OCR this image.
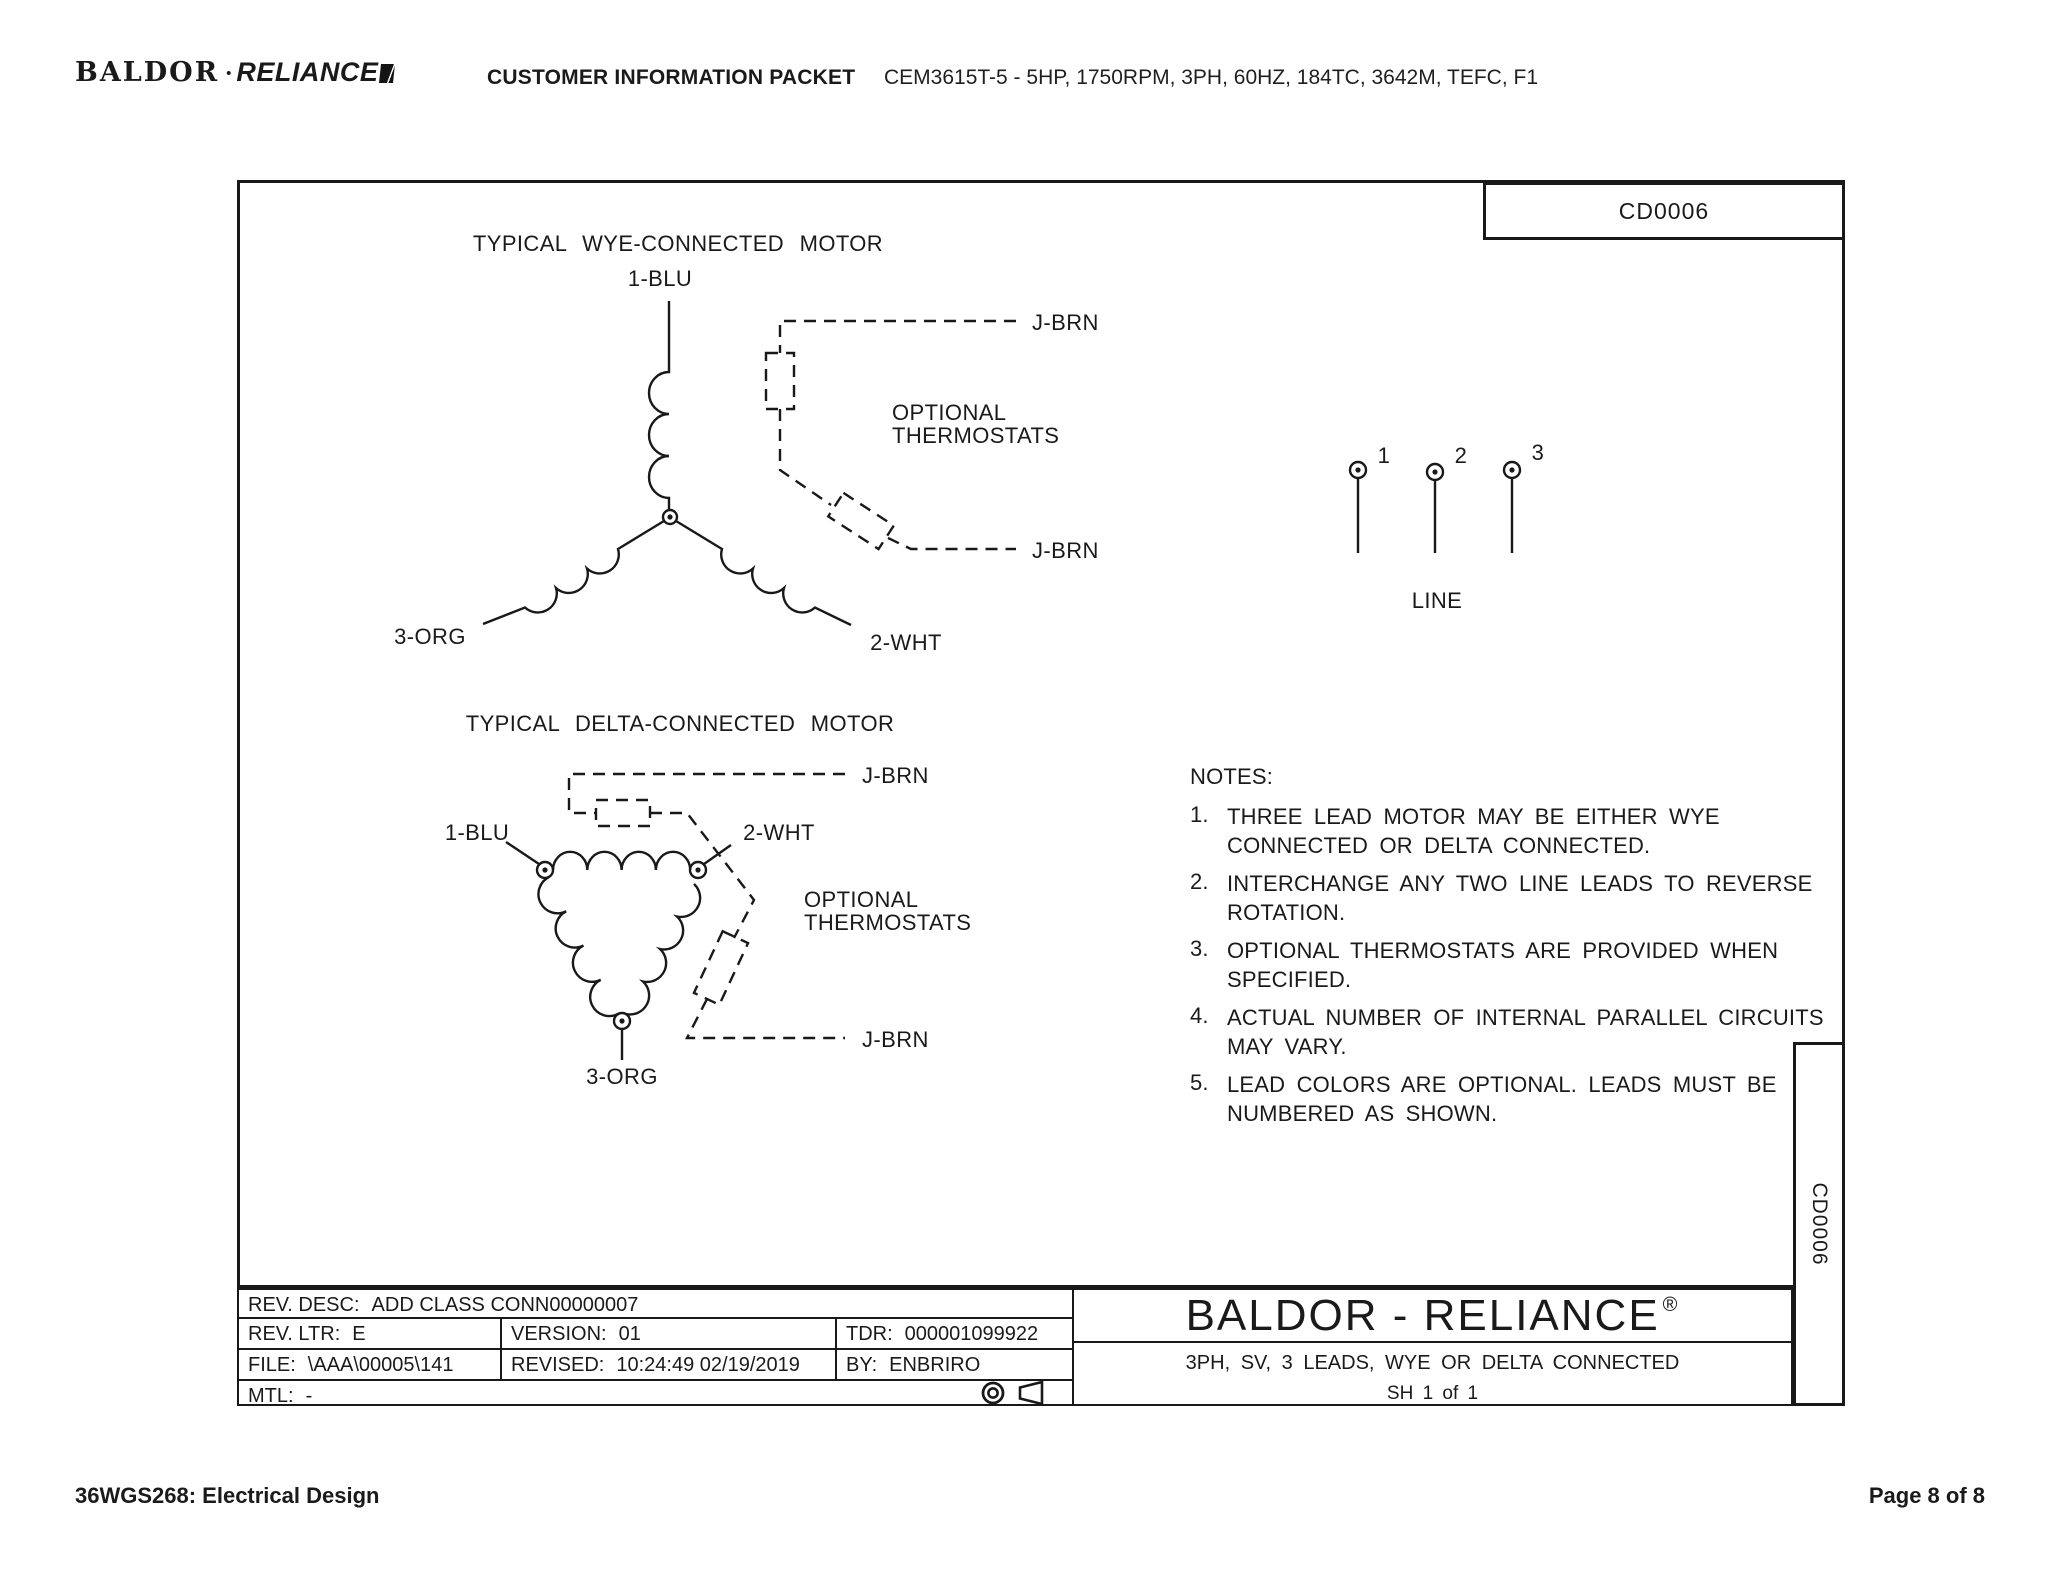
BALDOR • RELIANCE	CUSTOMER INFORMATION PACKET CEM3615T-5 - 5HP, 1750RPM, 3PH, 60HZ, 184TC, 3642M, TEFC, F1
CD0006
CD0006
TYPICAL WYE-CONNECTED MOTOR
1-BLU
3-ORG	2-WHT
J-BRN
J-BRN
OPTIONAL
THERMOSTATS
1	2	3
LINE
TYPICAL DELTA-CONNECTED MOTOR
1-BLU	2-WHT
3-ORG
J-BRN
J-BRN
OPTIONAL
THERMOSTATS
NOTES:
1. THREE LEAD MOTOR MAY BE EITHER WYE
CONNECTED OR DELTA CONNECTED.
2. INTERCHANGE ANY TWO LINE LEADS TO REVERSE
ROTATION.
3. OPTIONAL THERMOSTATS ARE PROVIDED WHEN
SPECIFIED.
4. ACTUAL NUMBER OF INTERNAL PARALLEL CIRCUITS
MAY VARY.
5. LEAD COLORS ARE OPTIONAL. LEADS MUST BE
NUMBERED AS SHOWN.
REV. DESC: ADD CLASS CONN00000007
REV. LTR: E	VERSION: 01	TDR: 000001099922
FILE: \AAA\00005\141	REVISED: 10:24:49 02/19/2019	BY: ENBRIRO
MTL: -
BALDOR - RELIANCE®
3PH, SV, 3 LEADS, WYE OR DELTA CONNECTED
SH 1 of 1
36WGS268: Electrical Design	Page 8 of 8
